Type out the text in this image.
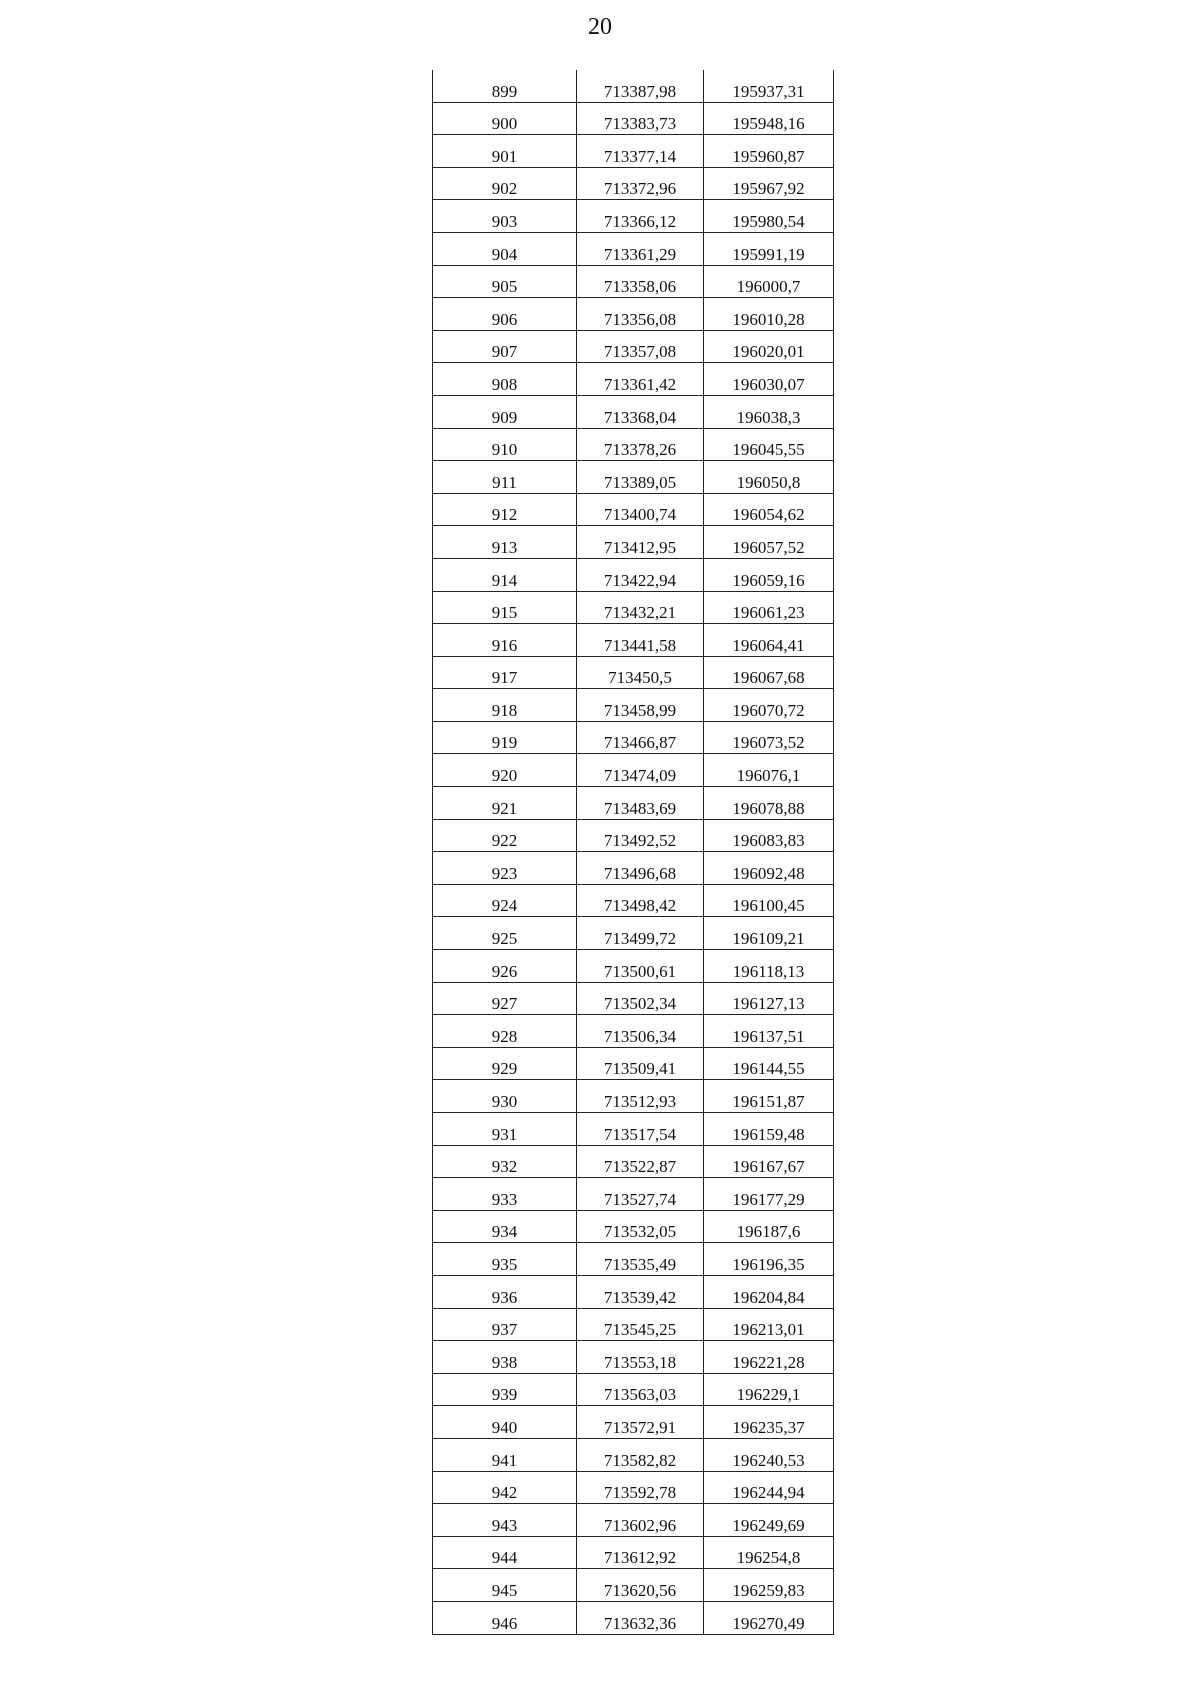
20
899	713387,98	195937,31
900	713383,73	195948,16
901	713377,14	195960,87
902	713372,96	195967,92
903	713366,12	195980,54
904	713361,29	195991,19
905	713358,06	196000,7
906	713356,08	196010,28
907	713357,08	196020,01
908	713361,42	196030,07
909	713368,04	196038,3
910	713378,26	196045,55
911	713389,05	196050,8
912	713400,74	196054,62
913	713412,95	196057,52
914	713422,94	196059,16
915	713432,21	196061,23
916	713441,58	196064,41
917	713450,5	196067,68
918	713458,99	196070,72
919	713466,87	196073,52
920	713474,09	196076,1
921	713483,69	196078,88
922	713492,52	196083,83
923	713496,68	196092,48
924	713498,42	196100,45
925	713499,72	196109,21
926	713500,61	196118,13
927	713502,34	196127,13
928	713506,34	196137,51
929	713509,41	196144,55
930	713512,93	196151,87
931	713517,54	196159,48
932	713522,87	196167,67
933	713527,74	196177,29
934	713532,05	196187,6
935	713535,49	196196,35
936	713539,42	196204,84
937	713545,25	196213,01
938	713553,18	196221,28
939	713563,03	196229,1
940	713572,91	196235,37
941	713582,82	196240,53
942	713592,78	196244,94
943	713602,96	196249,69
944	713612,92	196254,8
945	713620,56	196259,83
946	713632,36	196270,49
